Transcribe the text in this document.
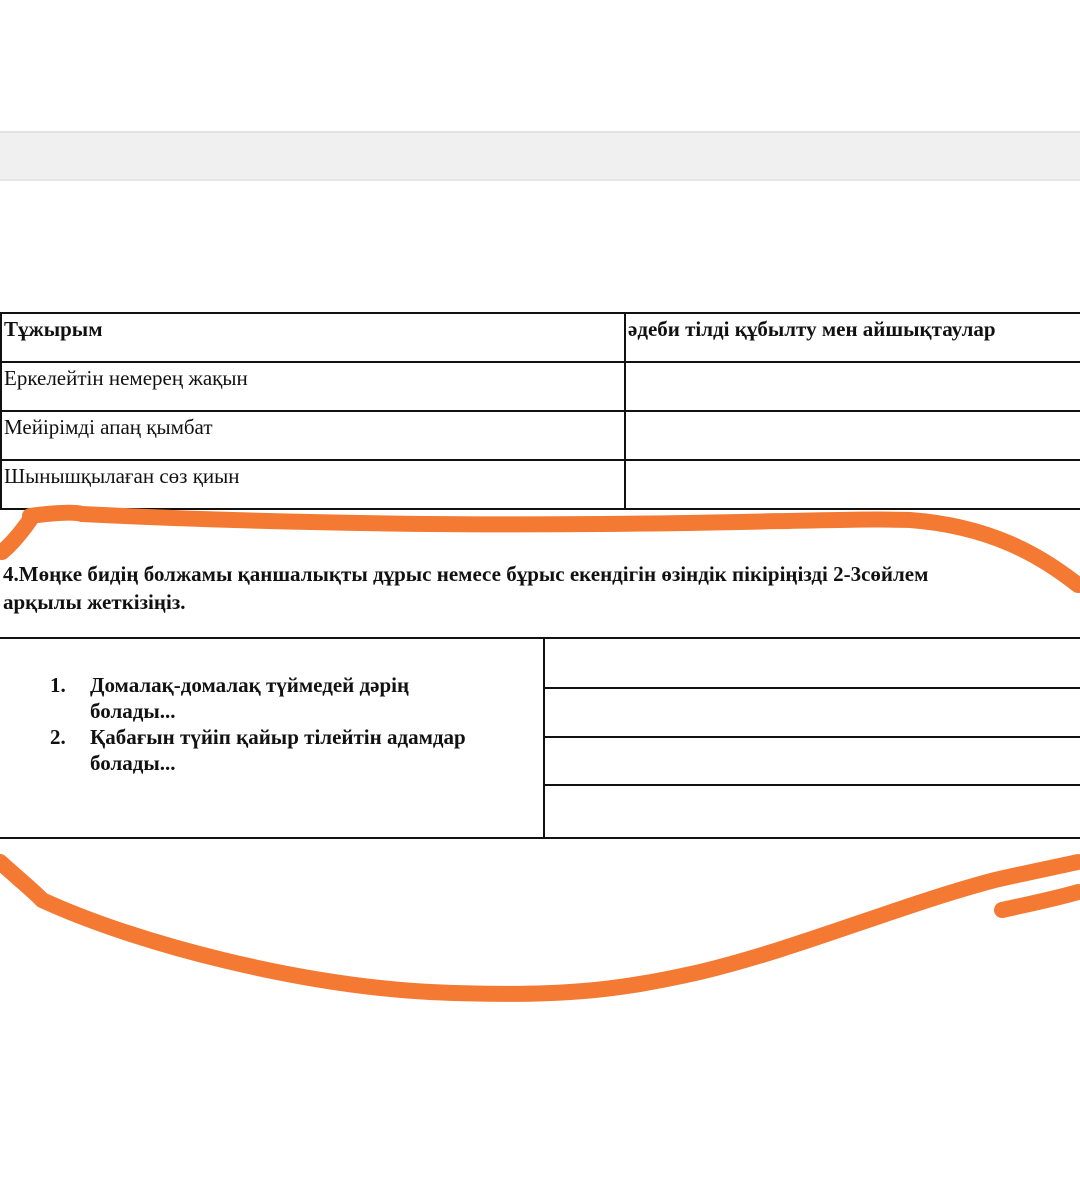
Тұжырым	әдеби тілді құбылту мен айшықтаулар
Еркелейтін немерең жақын	
Мейірімді апаң қымбат	
Шынышқылаған сөз қиын	
4.Мөңке бидің болжамы қаншалықты дұрыс немесе бұрыс екендігін өзіндік пікіріңізді 2-3сөйлем
арқылы жеткізіңіз.
1. Домалақ-домалақ түймедей дәрің
болады...
2. Қабағын түйіп қайыр тілейтін адамдар
болады...
